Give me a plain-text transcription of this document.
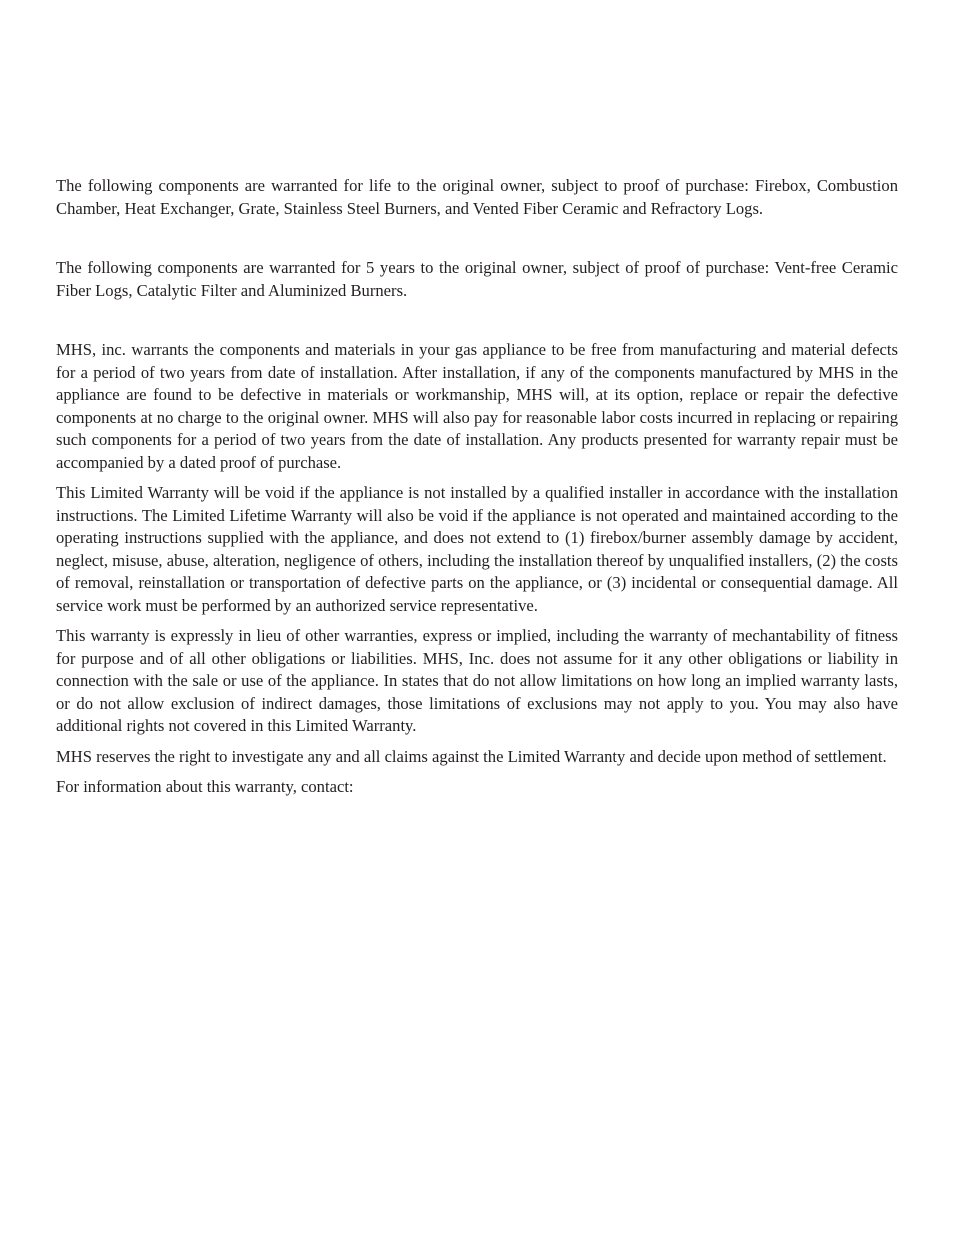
The following components are warranted for life to the original owner, subject to proof of purchase: Firebox, Combustion Chamber, Heat Exchanger, Grate, Stainless Steel Burners, and Vented Fiber Ceramic and Refractory Logs.

The following components are warranted for 5 years to the original owner, subject of proof of purchase: Vent-free Ceramic Fiber Logs, Catalytic Filter and Aluminized Burners.

MHS, inc. warrants the components and materials in your gas appliance to be free from manufacturing and material defects for a period of two years from date of installation. After installation, if any of the components manufactured by MHS in the appliance are found to be defective in materials or workmanship, MHS will, at its option, replace or repair the defective components at no charge to the original owner. MHS will also pay for reasonable labor costs incurred in replacing or repairing such components for a period of two years from the date of installation. Any products presented for warranty repair must be accompanied by a dated proof of purchase.

This Limited Warranty will be void if the appliance is not installed by a qualified installer in accordance with the installation instructions. The Limited Lifetime Warranty will also be void if the appliance is not operated and maintained according to the operating instructions supplied with the appliance, and does not extend to (1) firebox/burner assembly damage by accident, neglect, misuse, abuse, alteration, negligence of others, including the installation thereof by unqualified installers, (2) the costs of removal, reinstallation or transportation of defective parts on the appliance, or (3) incidental or consequential damage. All service work must be performed by an authorized service representative.

This warranty is expressly in lieu of other warranties, express or implied, including the warranty of mechantability of fitness for purpose and of all other obligations or liabilities. MHS, Inc. does not assume for it any other obligations or liability in connection with the sale or use of the appliance. In states that do not allow limitations on how long an implied warranty lasts, or do not allow exclusion of indirect damages, those limitations of exclusions may not apply to you. You may also have additional rights not covered in this Limited Warranty.

MHS reserves the right to investigate any and all claims against the Limited Warranty and decide upon method of settlement.

For information about this warranty, contact:
